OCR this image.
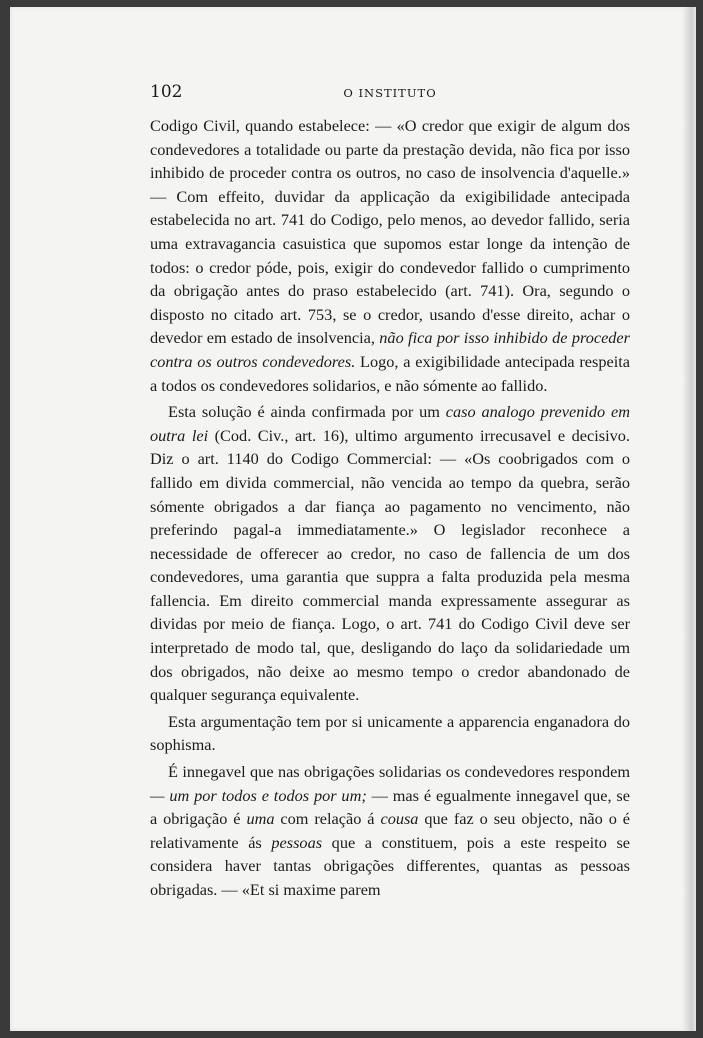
102	O INSTITUTO

Codigo Civil, quando estabelece: — «O credor que exigir de algum dos condevedores a totalidade ou parte da prestação devida, não fica por isso inhibido de proceder contra os outros, no caso de insolvencia d'aquelle.» — Com effeito, duvidar da applicação da exigibilidade antecipada estabelecida no art. 741 do Codigo, pelo menos, ao devedor fallido, seria uma extravagancia casuistica que supomos estar longe da intenção de todos: o credor póde, pois, exigir do condevedor fallido o cumprimento da obrigação antes do praso estabelecido (art. 741). Ora, segundo o disposto no citado art. 753, se o credor, usando d'esse direito, achar o devedor em estado de insolvencia, não fica por isso inhibido de proceder contra os outros condevedores. Logo, a exigibilidade antecipada respeita a todos os condevedores solidarios, e não sómente ao fallido.

Esta solução é ainda confirmada por um caso analogo prevenido em outra lei (Cod. Civ., art. 16), ultimo argumento irrecusavel e decisivo. Diz o art. 1140 do Codigo Commercial: — «Os coobrigados com o fallido em divida commercial, não vencida ao tempo da quebra, serão sómente obrigados a dar fiança ao pagamento no vencimento, não preferindo pagal-a immediatamente.» O legislador reconhece a necessidade de offerecer ao credor, no caso de fallencia de um dos condevedores, uma garantia que suppra a falta produzida pela mesma fallencia. Em direito commercial manda expressamente assegurar as dividas por meio de fiança. Logo, o art. 741 do Codigo Civil deve ser interpretado de modo tal, que, desligando do laço da solidariedade um dos obrigados, não deixe ao mesmo tempo o credor abandonado de qualquer segurança equivalente.

Esta argumentação tem por si unicamente a apparencia enganadora do sophisma.

É innegavel que nas obrigações solidarias os condevedores respondem — um por todos e todos por um; — mas é egualmente innegavel que, se a obrigação é uma com relação á cousa que faz o seu objecto, não o é relativamente ás pessoas que a constituem, pois a este respeito se considera haver tantas obrigações differentes, quantas as pessoas obrigadas. — «Et si maxime parem
